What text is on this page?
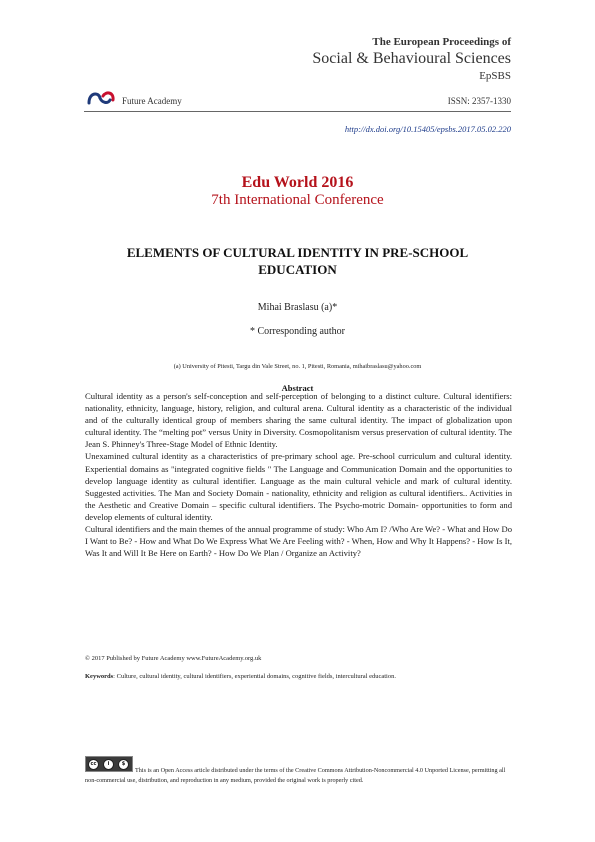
The European Proceedings of
Social & Behavioural Sciences
EpSBS
Future Academy	ISSN: 2357-1330
http://dx.doi.org/10.15405/epsbs.2017.05.02.220
Edu World 2016
7th International Conference
ELEMENTS OF CULTURAL IDENTITY IN PRE-SCHOOL EDUCATION
Mihai Braslasu (a)*
* Corresponding author
(a) University of Pitesti, Targu din Vale Street, no. 1, Pitesti, Romania, mihaibraslasu@yahoo.com
Abstract

Cultural identity as a person's self-conception and self-perception of belonging to a distinct culture. Cultural identifiers: nationality, ethnicity, language, history, religion, and cultural arena. Cultural identity as a characteristic of the individual and of the culturally identical group of members sharing the same cultural identity. The impact of globalization upon cultural identity. The “melting pot” versus Unity in Diversity. Cosmopolitanism versus preservation of cultural identity. The Jean S. Phinney's Three-Stage Model of Ethnic Identity.

Unexamined cultural identity as a characteristics of pre-primary school age. Pre-school curriculum and cultural identity. Experiential domains as "integrated cognitive fields " The Language and Communication Domain and the opportunities to develop language identity as cultural identifier. Language as the main cultural vehicle and mark of cultural identity. Suggested activities. The Man and Society Domain - nationality, ethnicity and religion as cultural identifiers.. Activities in the Aesthetic and Creative Domain – specific cultural identifiers. The Psycho-motric Domain- opportunities to form and develop elements of cultural identity.

Cultural identifiers and the main themes of the annual programme of study: Who Am I? /Who Are We? - What and How Do I Want to Be? - How and What Do We Express What We Are Feeling with? - When, How and Why It Happens? - How Is It, Was It and Will It Be Here on Earth? - How Do We Plan / Organize an Activity?

© 2017 Published by Future Academy www.FutureAcademy.org.uk
Keywords: Culture, cultural identity, cultural identifiers, experiential domains, cognitive fields, intercultural education.
cc	i	$
This is an Open Access article distributed under the terms of the Creative Commons Attribution-Noncommercial 4.0 Unported License, permitting all non-commercial use, distribution, and reproduction in any medium, provided the original work is properly cited.
